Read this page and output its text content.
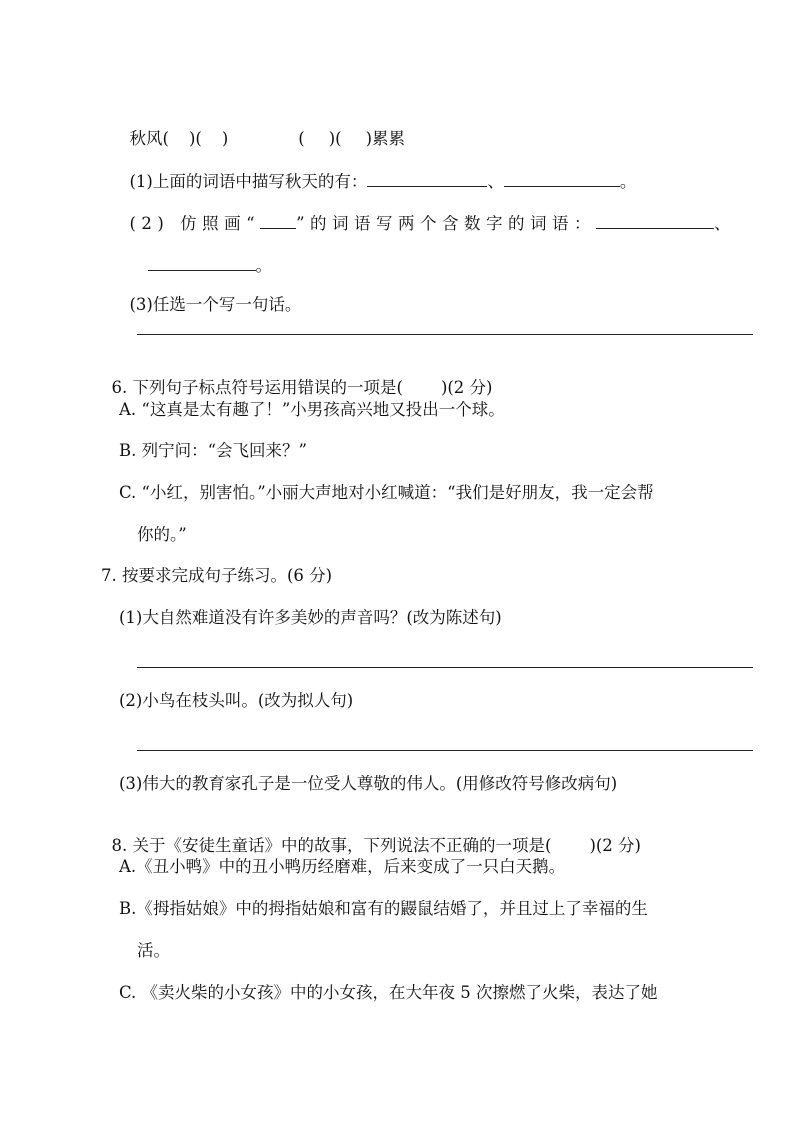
秋风( )( )	( )( )累累

(1)上面的词语中描写秋天的有：	、	。

(2) 仿照画“ ”的词语写两个含数字的词语：	、

。

(3)任选一个写一句话。

6. 下列句子标点符号运用错误的一项是( )(2 分)

A. “这真是太有趣了！”小男孩高兴地又投出一个球。
B. 列宁问：“会飞回来？”
C. “小红，别害怕。”小丽大声地对小红喊道：“我们是好朋友，我一定会帮
你的。”
7. 按要求完成句子练习。(6 分)
(1)大自然难道没有许多美妙的声音吗？(改为陈述句)
(2)小鸟在枝头叫。(改为拟人句)
(3)伟大的教育家孔子是一位受人尊敬的伟人。(用修改符号修改病句)

8. 关于《安徒生童话》中的故事，下列说法不正确的一项是( )(2 分)

A.《丑小鸭》中的丑小鸭历经磨难，后来变成了一只白天鹅。
B.《拇指姑娘》中的拇指姑娘和富有的鼹鼠结婚了，并且过上了幸福的生
活。
C. 《卖火柴的小女孩》中的小女孩，在大年夜 5 次擦燃了火柴，表达了她
